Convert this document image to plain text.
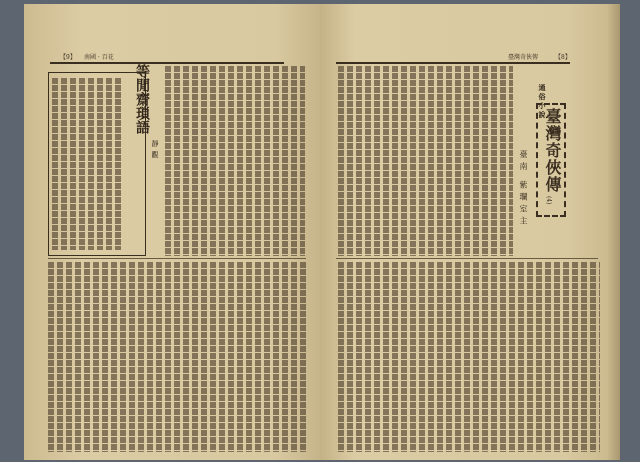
【9】 南國 · 百花
等閒齋瑣語
靜觀
臺灣奇俠傳	【8】
通俗小說
臺灣奇俠傳
(4)
臺南 紫瓓室主
